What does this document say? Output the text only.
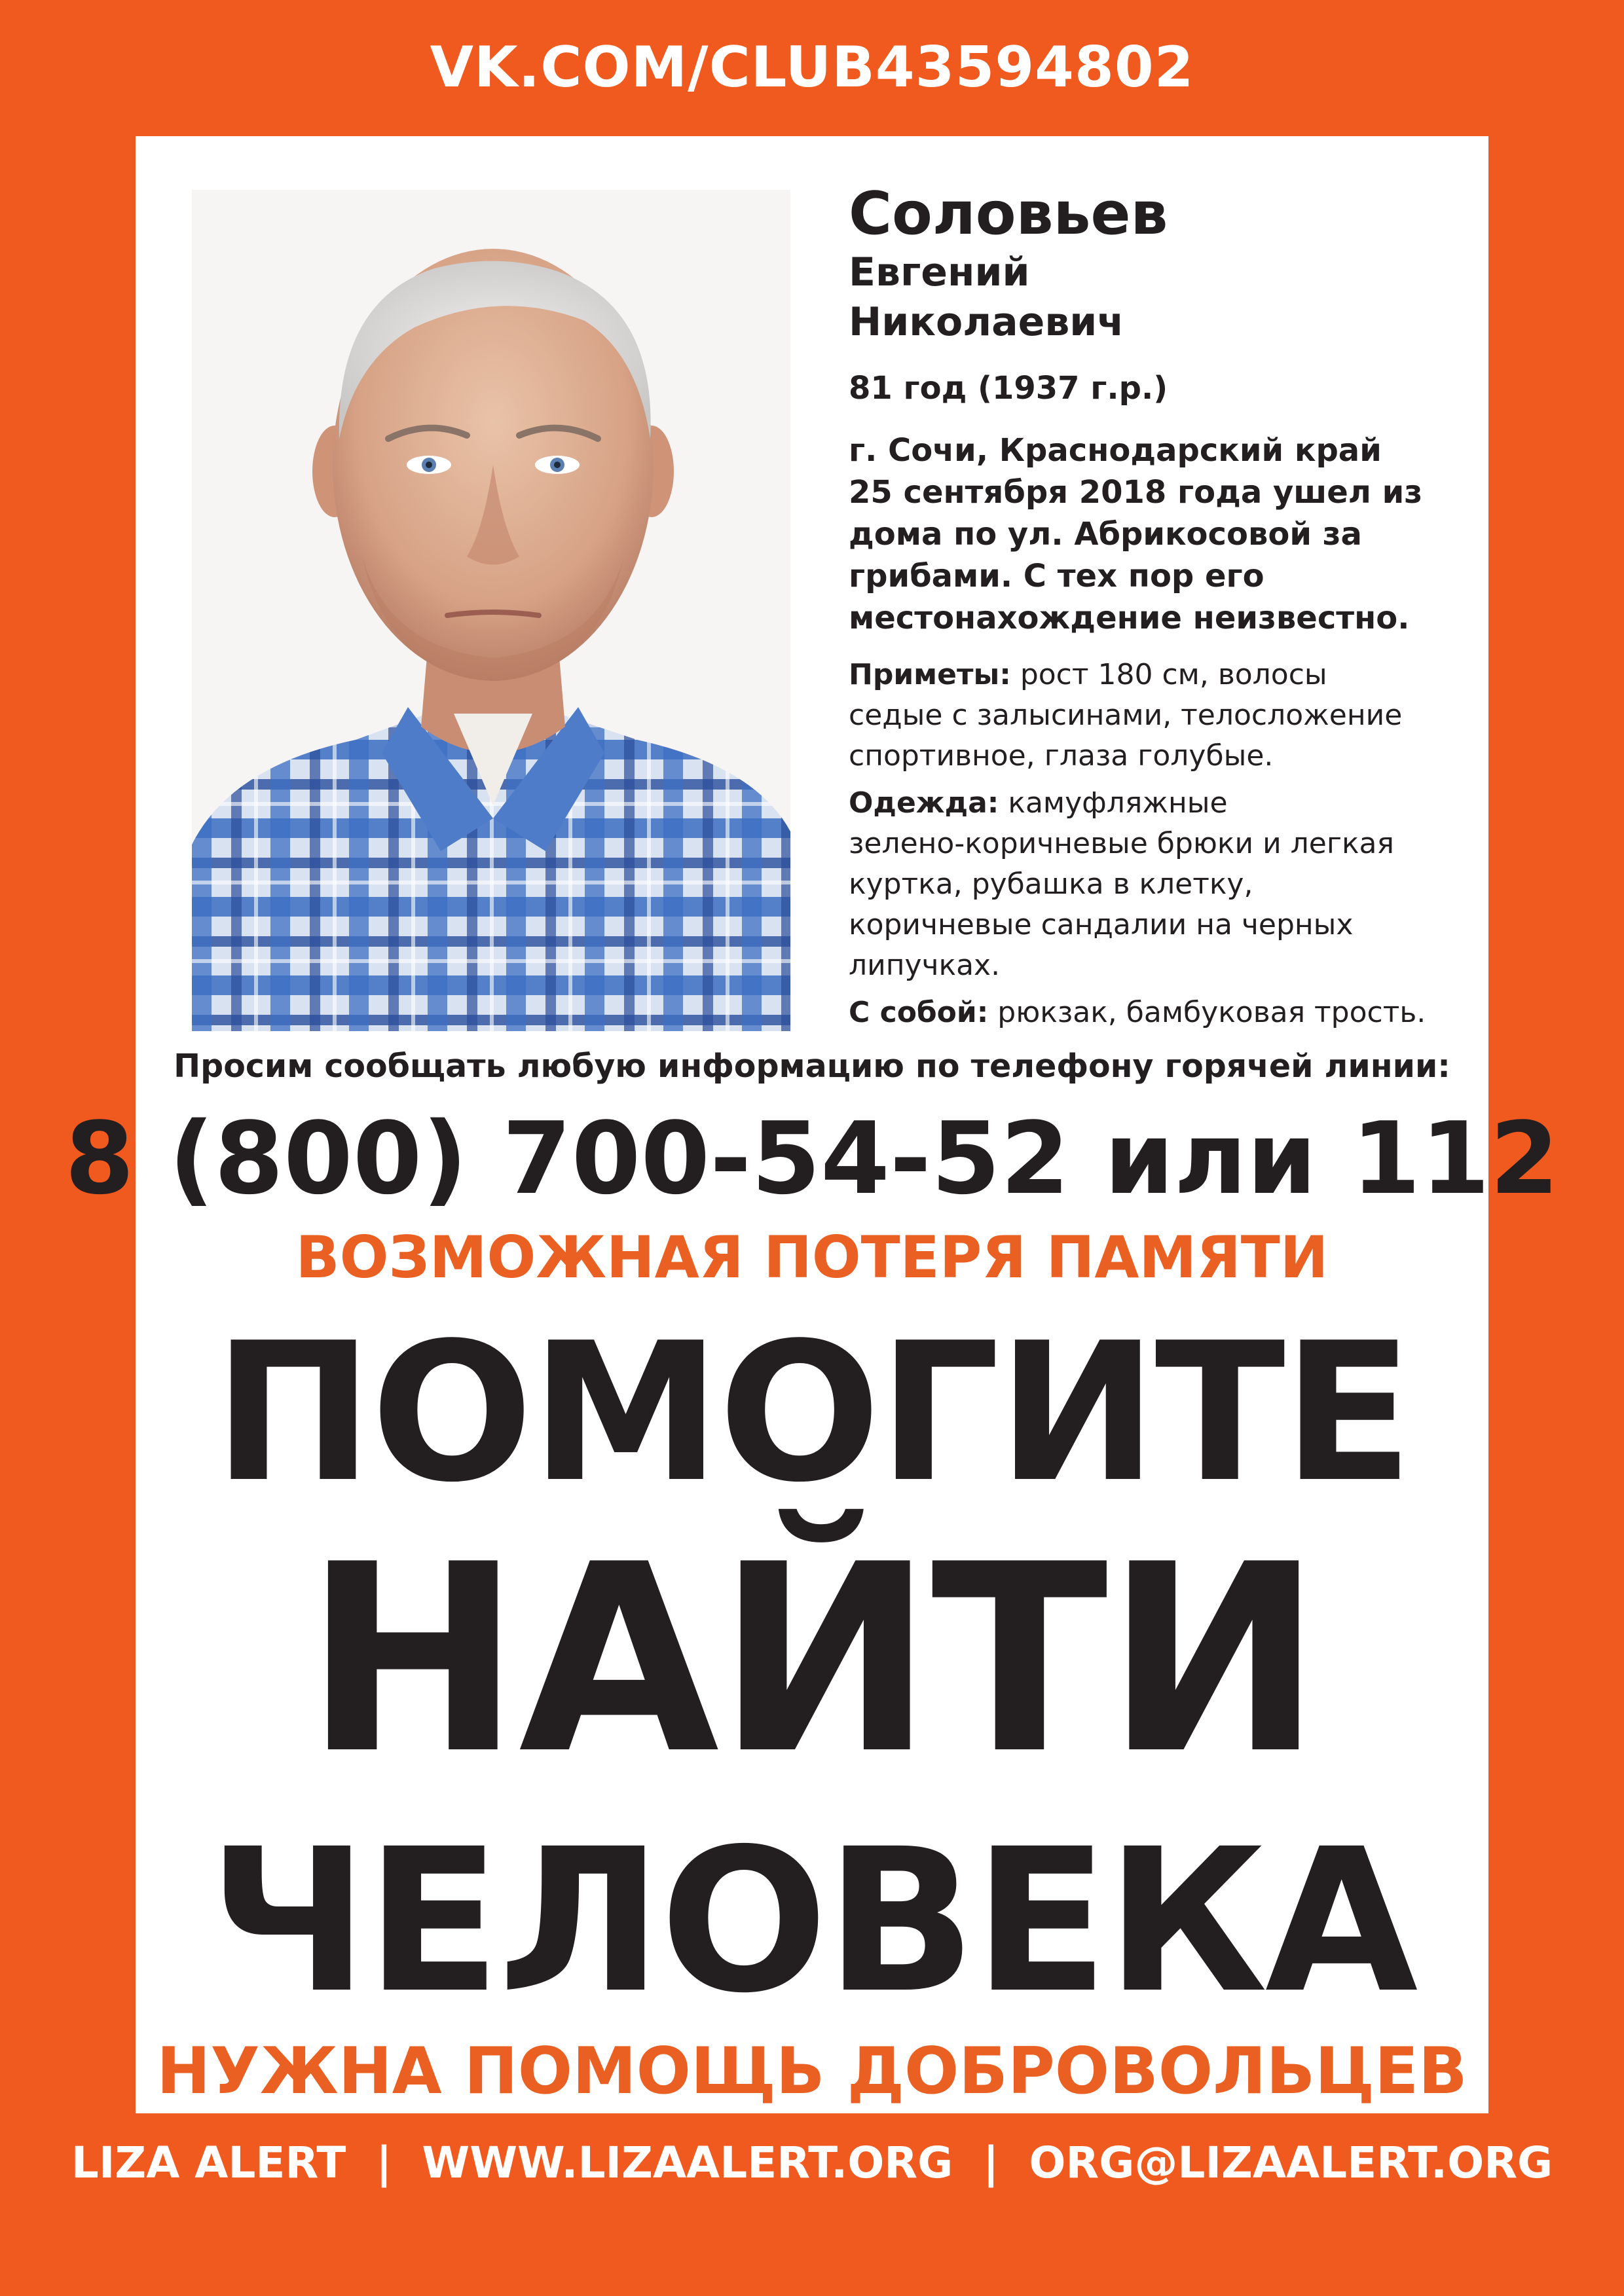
VK.COM/CLUB43594802
Соловьев
Евгений
Николаевич
81 год (1937 г.р.)
г. Сочи, Краснодарский край
25 сентября 2018 года ушел из
дома по ул. Абрикосовой за
грибами. С тех пор его
местонахождение неизвестно.
Приметы: рост 180 см, волосы
седые с залысинами, телосложение
спортивное, глаза голубые.
Одежда: камуфляжные
зелено-коричневые брюки и легкая
куртка, рубашка в клетку,
коричневые сандалии на черных
липучках.
С собой: рюкзак, бамбуковая трость.
Просим сообщать любую информацию по телефону горячей линии:
8 (800) 700-54-52 или 112
ВОЗМОЖНАЯ ПОТЕРЯ ПАМЯТИ
ПОМОГИТЕ
НАЙТИ
ЧЕЛОВЕКА
НУЖНА ПОМОЩЬ ДОБРОВОЛЬЦЕВ
LIZA ALERT  |  WWW.LIZAALERT.ORG  |  ORG@LIZAALERT.ORG
